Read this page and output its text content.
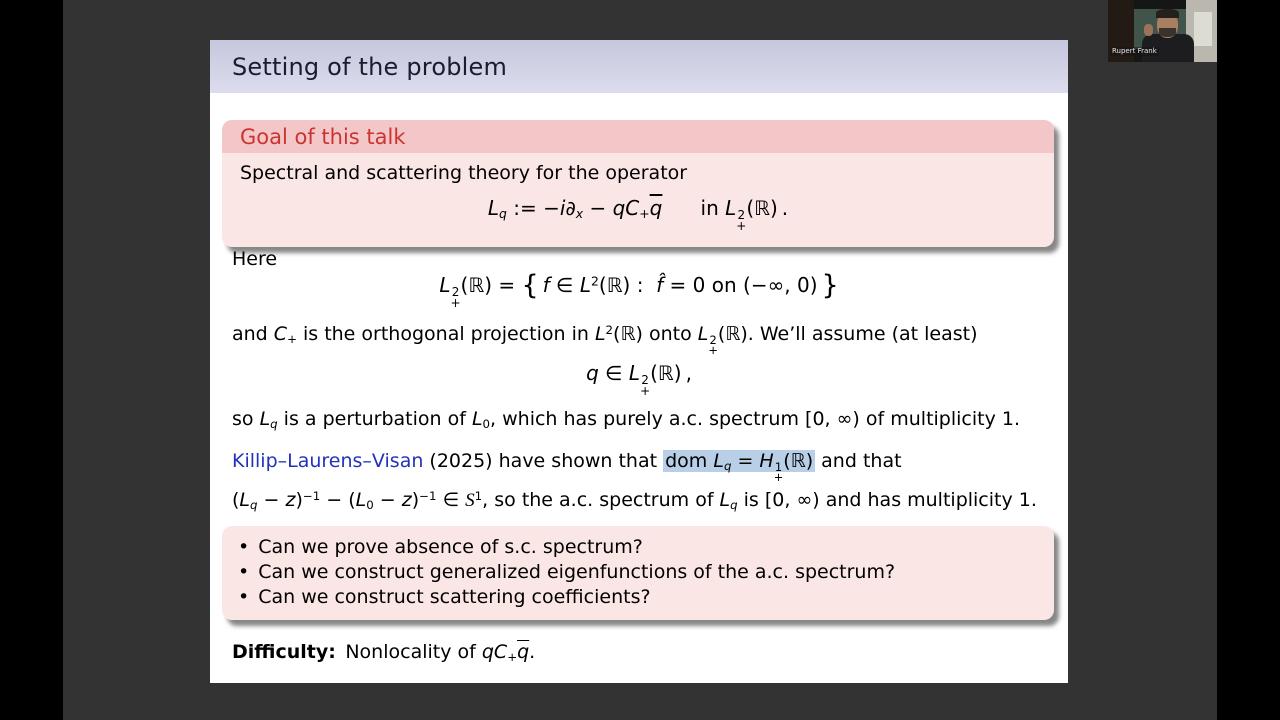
Setting of the problem
Goal of this talk
Spectral and scattering theory for the operator
$L_q$ := $-i\partial_x - qC_+\overline{q}$      in L 2
+
(ℝ) .
Here
L 2
+
(ℝ) = {  f ∈ $L^2(ℝ)$ :  f̂ = 0 on (−∞, 0) }
and $C_+$ is the orthogonal projection in $L^2(ℝ)$ onto L 2
+
(ℝ). We’ll assume (at least)
q ∈ L 2
+
(ℝ) ,
so $L_q$ is a perturbation of $L_0$, which has purely a.c. spectrum [0, ∞) of multiplicity 1.
Killip–Laurens–Visan (2025) have shown that dom $L_q = H$ 1
+
(ℝ) and that
$(L_q - z)^{-1} - (L_0 - z)^{-1}$ ∈ $S^1$, so the a.c. spectrum of $L_q$ is [0, ∞) and has multiplicity 1.
• Can we prove absence of s.c. spectrum?
• Can we construct generalized eigenfunctions of the a.c. spectrum?
• Can we construct scattering coefficients?
Difficulty: Nonlocality of $qC_+\overline{q}$.
Rupert Frank
